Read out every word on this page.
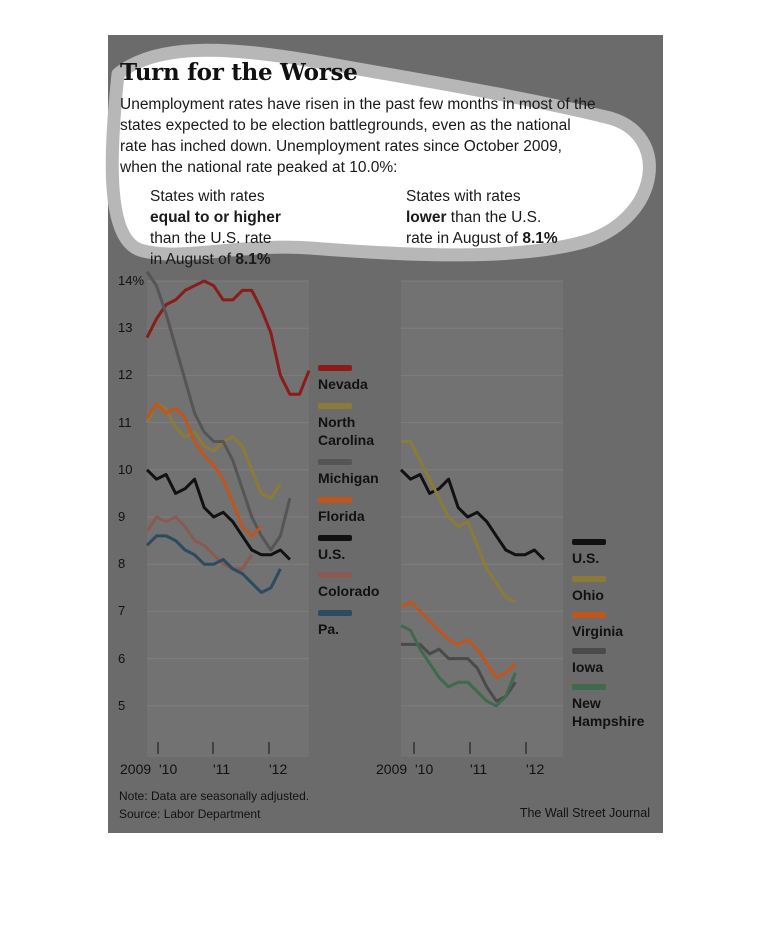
Turn for the Worse
Unemployment rates have risen in the past few months in most of the states expected to be election battlegrounds, even as the national rate has inched down. Unemployment rates since October 2009, when the national rate peaked at 10.0%:
States with rates
equal to or higher
than the U.S. rate
in August of 8.1%
States with rates
lower than the U.S.
rate in August of 8.1%
14%
13
12
11
10
9
8
7
6
5
2009 '10	'11	'12	2009 '10	'11	'12
Nevada
North Carolina
Michigan
Florida
U.S.
Colorado
Pa.
U.S.
Ohio
Virginia
Iowa
New Hampshire
Note: Data are seasonally adjusted.
Source: Labor Department	The Wall Street Journal
